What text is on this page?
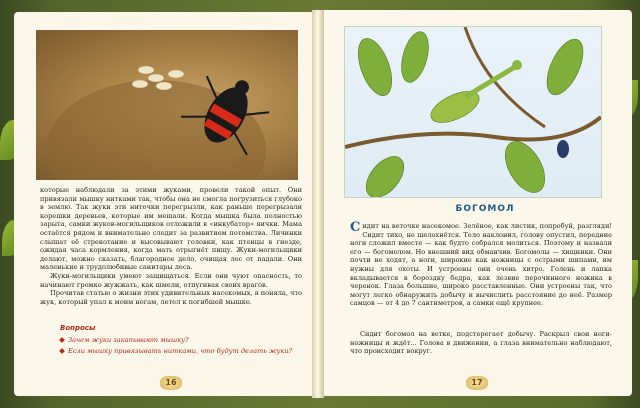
которые наблюдали за этими жуками, провели такой опыт. Они привязали мышку нитками так, чтобы она не смогла погрузиться глубоко в землю. Так жуки эти ниточки перегрызли, как раньше перегрызали корешки деревьев, которые им мешали. Когда мышка была полностью зарыта, самки жуков-могильщиков отложили в «инкубатор» яички. Мама остаётся рядом и внимательно следит за развитием потомства. Личинки слышат её стрекотание и высовывают головки, как птенцы в гнезде, ожидая часа кормления, когда мать отрыгнёт пищу. Жуки-могильщики делают, можно сказать, благородное дело, очищая лес от падали. Они маленькие и трудолюбивые санитары леса.

Жуки-могильщики умеют защищаться. Если они чуют опасность, то начинают громко жужжать, как шмели, отпугивая своих врагов.

Прочитав статью о жизни этих удивительных насекомых, я поняла, что жук, который упал к моим ногам, летел к погибшей мышке.

Вопросы
Зачем жуки закапывают мышку?
Если мышку привязывать нитками, что будут делать жуки?
16
БОГОМОЛ

Сидит на веточке насекомое. Зелёное, как листик, попробуй, разгляди! Сидит тихо, не шелохнётся. Тело наклонил, голову опустил, передние ноги сложил вместе — как будто собрался молиться. Поэтому и назвали его — богомолом. Но внешний вид обманчив. Богомолы — хищники. Они почти не ходят, а ноги, широкие как ножницы с острыми шипами, им нужны для охоты. И устроены они очень хитро. Голень и лапка вкладывается в бороздку бедра, как лезвие перочинного ножика в черенок. Глаза большие, широко расставленные. Они устроены так, что могут легко обнаружить добычу и вычислить расстояние до неё. Размер самцов — от 4 до 7 сантиметров, а самки ещё крупнее.

Сидит богомол на ветке, подстерегает добычу. Раскрыл свои ноги-ножницы и ждёт... Голова в движении, а глаза внимательно наблюдают, что происходит вокруг.

17
